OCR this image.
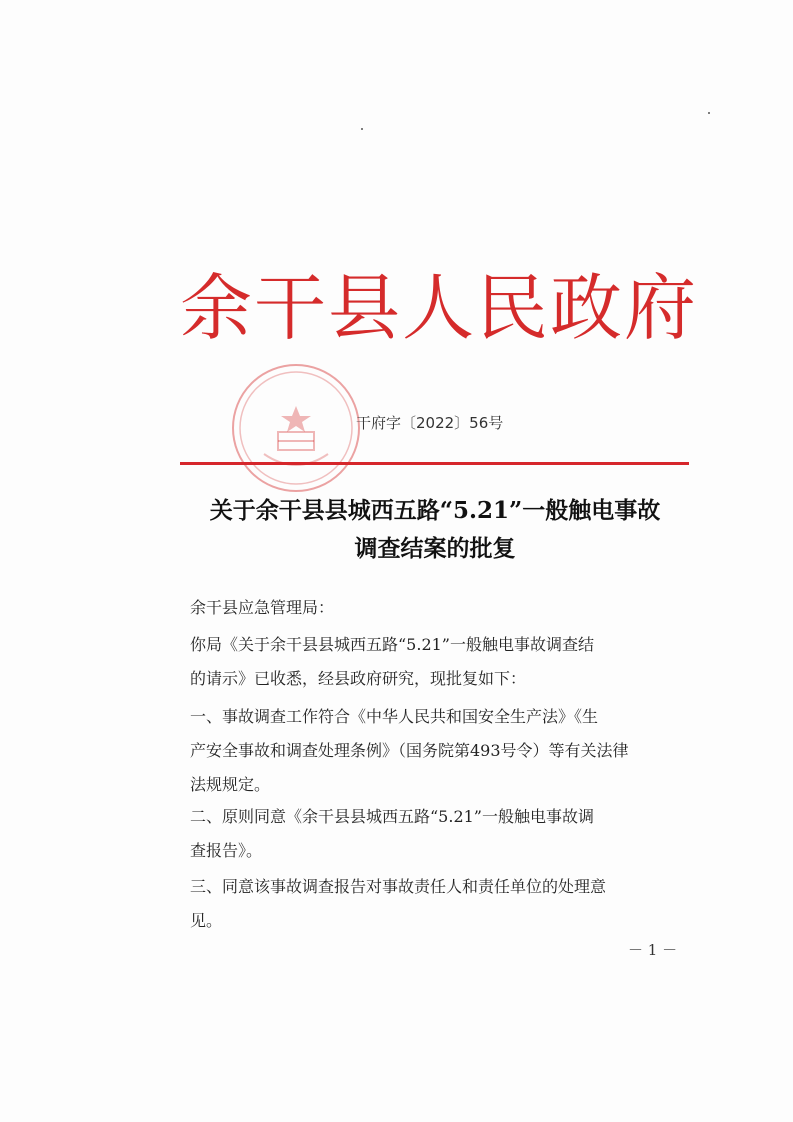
余干县人民政府
干府字〔2022〕56号
关于余干县县城西五路“5.21”一般触电事故
调查结案的批复
余干县应急管理局：
你局《关于余干县县城西五路“5.21”一般触电事故调查结
的请示》已收悉，经县政府研究，现批复如下：
一、事故调查工作符合《中华人民共和国安全生产法》《生
产安全事故和调查处理条例》（国务院第493号令）等有关法律
法规规定。
二、原则同意《余干县县城西五路“5.21”一般触电事故调
查报告》。
三、同意该事故调查报告对事故责任人和责任单位的处理意
见。
－ 1 －
